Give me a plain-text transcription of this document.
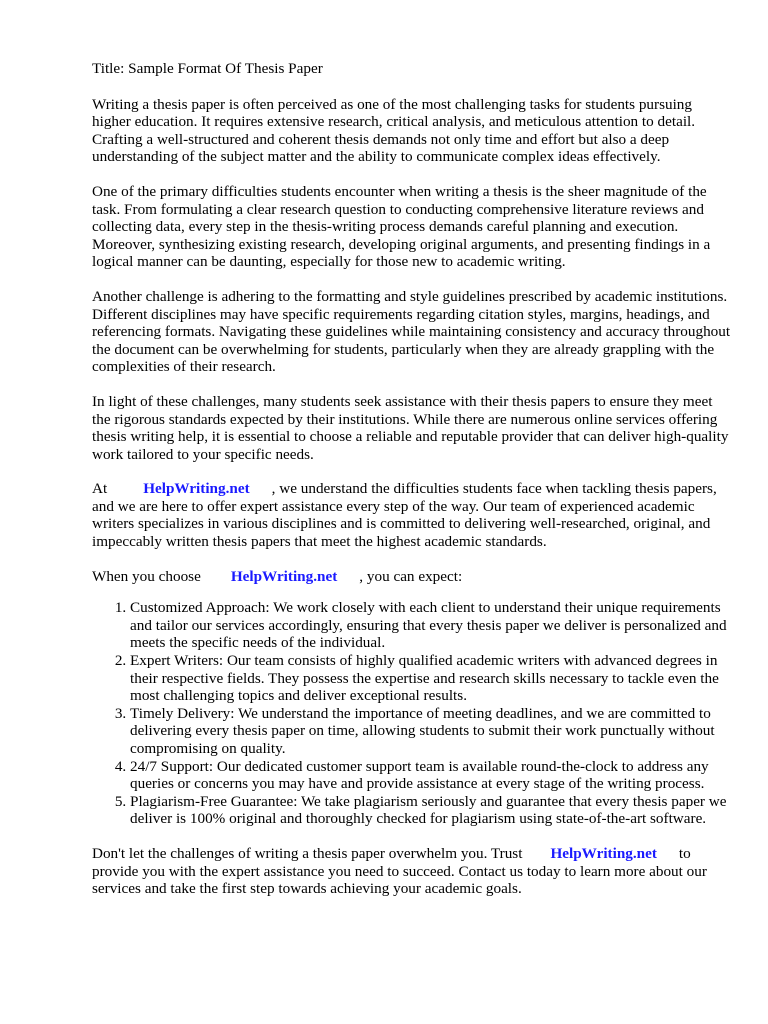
Title: Sample Format Of Thesis Paper

Writing a thesis paper is often perceived as one of the most challenging tasks for students pursuing higher education. It requires extensive research, critical analysis, and meticulous attention to detail. Crafting a well-structured and coherent thesis demands not only time and effort but also a deep understanding of the subject matter and the ability to communicate complex ideas effectively.

One of the primary difficulties students encounter when writing a thesis is the sheer magnitude of the task. From formulating a clear research question to conducting comprehensive literature reviews and collecting data, every step in the thesis-writing process demands careful planning and execution. Moreover, synthesizing existing research, developing original arguments, and presenting findings in a logical manner can be daunting, especially for those new to academic writing.

Another challenge is adhering to the formatting and style guidelines prescribed by academic institutions. Different disciplines may have specific requirements regarding citation styles, margins, headings, and referencing formats. Navigating these guidelines while maintaining consistency and accuracy throughout the document can be overwhelming for students, particularly when they are already grappling with the complexities of their research.

In light of these challenges, many students seek assistance with their thesis papers to ensure they meet the rigorous standards expected by their institutions. While there are numerous online services offering thesis writing help, it is essential to choose a reliable and reputable provider that can deliver high-quality work tailored to your specific needs.

At HelpWriting.net , we understand the difficulties students face when tackling thesis papers, and we are here to offer expert assistance every step of the way. Our team of experienced academic writers specializes in various disciplines and is committed to delivering well-researched, original, and impeccably written thesis papers that meet the highest academic standards.

When you choose HelpWriting.net , you can expect:

1. Customized Approach: We work closely with each client to understand their unique requirements and tailor our services accordingly, ensuring that every thesis paper we deliver is personalized and meets the specific needs of the individual.
2. Expert Writers: Our team consists of highly qualified academic writers with advanced degrees in their respective fields. They possess the expertise and research skills necessary to tackle even the most challenging topics and deliver exceptional results.
3. Timely Delivery: We understand the importance of meeting deadlines, and we are committed to delivering every thesis paper on time, allowing students to submit their work punctually without compromising on quality.
4. 24/7 Support: Our dedicated customer support team is available round-the-clock to address any queries or concerns you may have and provide assistance at every stage of the writing process.
5. Plagiarism-Free Guarantee: We take plagiarism seriously and guarantee that every thesis paper we deliver is 100% original and thoroughly checked for plagiarism using state-of-the-art software.

Don't let the challenges of writing a thesis paper overwhelm you. Trust HelpWriting.net to provide you with the expert assistance you need to succeed. Contact us today to learn more about our services and take the first step towards achieving your academic goals.
